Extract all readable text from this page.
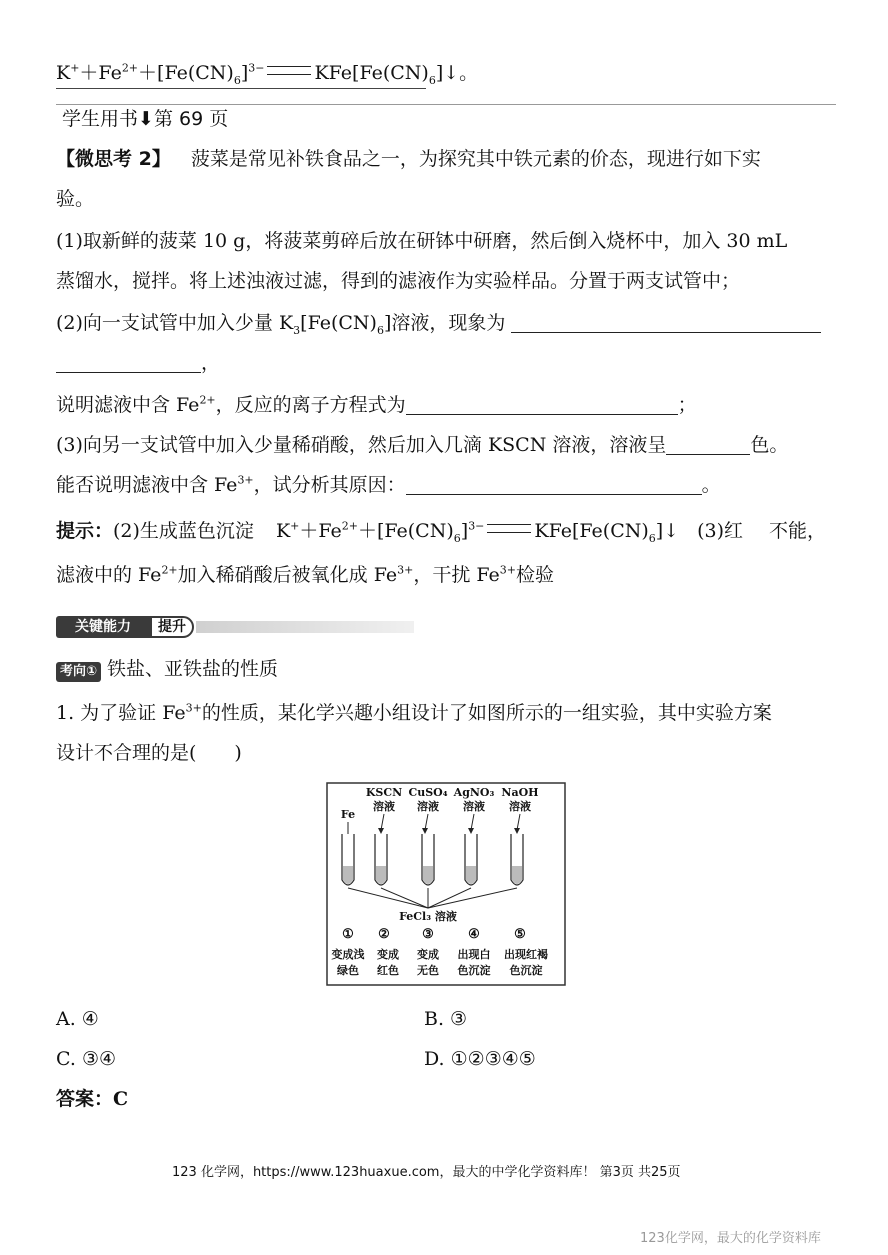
$K^++Fe^{2+}+[Fe(CN)_6]^{3-}$	$KFe[Fe(CN)_6]↓$。
学生用书⬇第 69 页
【微思考 2】 菠菜是常见补铁食品之一，为探究其中铁元素的价态，现进行如下实
验。
(1)取新鲜的菠菜 10 g，将菠菜剪碎后放在研钵中研磨，然后倒入烧杯中，加入 30 mL
蒸馏水，搅拌。将上述浊液过滤，得到的滤液作为实验样品。分置于两支试管中；
(2)向一支试管中加入少量 $K_3[Fe(CN)_6]$溶液，现象为
，
说明滤液中含 $Fe^{2+}$，反应的离子方程式为	；
(3)向另一支试管中加入少量稀硝酸，然后加入几滴 KSCN 溶液，溶液呈	色。
能否说明滤液中含 $Fe^{3+}$，试分析其原因：	。
提示：(2)生成蓝色沉淀 $K^++Fe^{2+}+[Fe(CN)_6]^{3-}$	$KFe[Fe(CN)_6]↓$ (3)红 不能，
滤液中的 $Fe^{2+}$加入稀硝酸后被氧化成 $Fe^{3+}$，干扰 $Fe^{3+}$检验
关键能力	提升
考向① 铁盐、亚铁盐的性质
1. 为了验证 $Fe^{3+}$的性质，某化学兴趣小组设计了如图所示的一组实验，其中实验方案
设计不合理的是(　　)
Fe
KSCN
溶液
CuSO₄
溶液
AgNO₃
溶液
NaOH
溶液
FeCl₃ 溶液
① ② ③	④	⑤
变成浅
绿色
变成
红色
变成
无色
出现白
色沉淀
出现红褐
色沉淀
A. ④	B. ③
C. ③④	D. ①②③④⑤
答案：C
123 化学网，https://www.123huaxue.com，最大的中学化学资料库！ 第3页 共25页
123化学网，最大的化学资料库
